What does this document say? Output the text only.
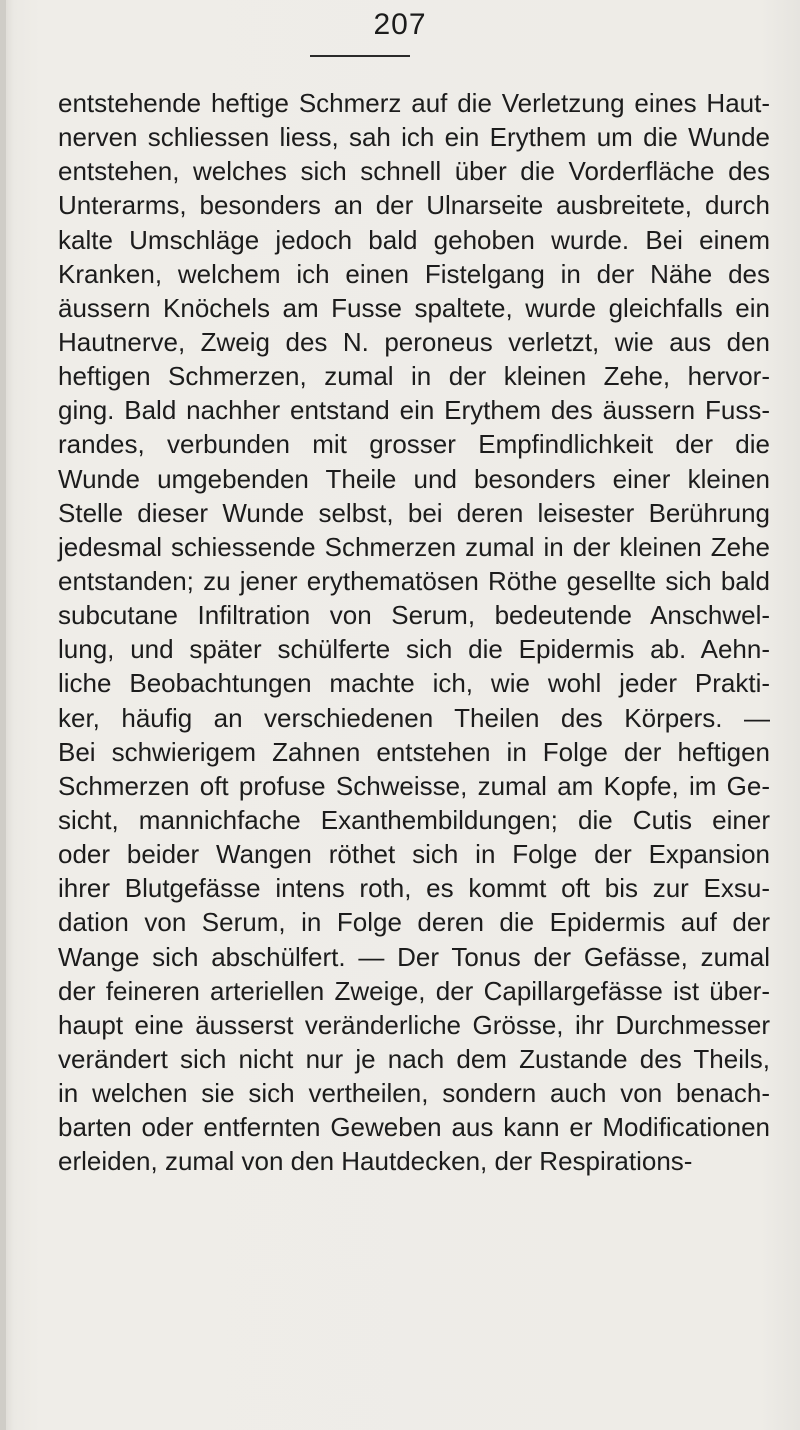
207
entstehende heftige Schmerz auf die Verletzung eines Haut-
nerven schliessen liess, sah ich ein Erythem um die Wunde
entstehen, welches sich schnell über die Vorderfläche des
Unterarms, besonders an der Ulnarseite ausbreitete, durch
kalte Umschläge jedoch bald gehoben wurde. Bei einem
Kranken, welchem ich einen Fistelgang in der Nähe des
äussern Knöchels am Fusse spaltete, wurde gleichfalls ein
Hautnerve, Zweig des N. peroneus verletzt, wie aus den
heftigen Schmerzen, zumal in der kleinen Zehe, hervor-
ging. Bald nachher entstand ein Erythem des äussern Fuss-
randes, verbunden mit grosser Empfindlichkeit der die
Wunde umgebenden Theile und besonders einer kleinen
Stelle dieser Wunde selbst, bei deren leisester Berührung
jedesmal schiessende Schmerzen zumal in der kleinen Zehe
entstanden; zu jener erythematösen Röthe gesellte sich bald
subcutane Infiltration von Serum, bedeutende Anschwel-
lung, und später schülferte sich die Epidermis ab. Aehn-
liche Beobachtungen machte ich, wie wohl jeder Prakti-
ker, häufig an verschiedenen Theilen des Körpers. —
Bei schwierigem Zahnen entstehen in Folge der heftigen
Schmerzen oft profuse Schweisse, zumal am Kopfe, im Ge-
sicht, mannichfache Exanthembildungen; die Cutis einer
oder beider Wangen röthet sich in Folge der Expansion
ihrer Blutgefässe intens roth, es kommt oft bis zur Exsu-
dation von Serum, in Folge deren die Epidermis auf der
Wange sich abschülfert. — Der Tonus der Gefässe, zumal
der feineren arteriellen Zweige, der Capillargefässe ist über-
haupt eine äusserst veränderliche Grösse, ihr Durchmesser
verändert sich nicht nur je nach dem Zustande des Theils,
in welchen sie sich vertheilen, sondern auch von benach-
barten oder entfernten Geweben aus kann er Modificationen
erleiden, zumal von den Hautdecken, der Respirations-
